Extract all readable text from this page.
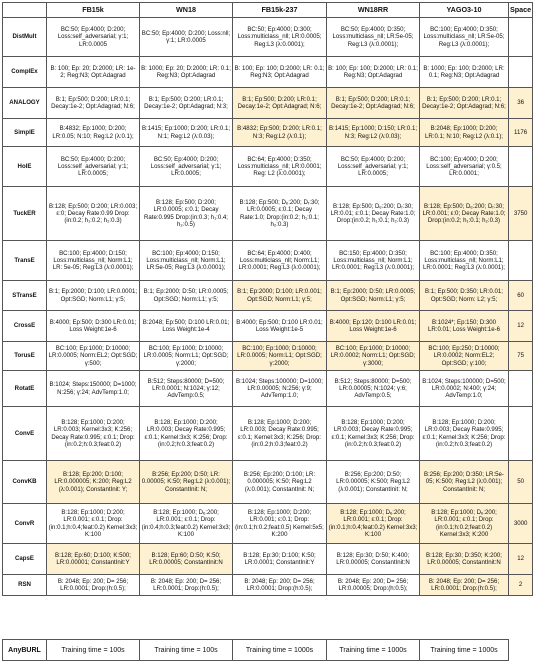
	FB15k	WN18	FB15k-237	WN18RR	YAGO3-10	Space
DistMult	BC:50; Ep:4000; D:200; Loss:self_adversarial; γ:1; LR:0.0005	BC:50; Ep:4000; D:200; Loss:nll; γ:1; LR:0.0005	BC:50; Ep:4000; D:300; Loss:multiclass_nll; LR:0.0005; Reg:L3 (λ:0.0001);	BC:50; Ep:4000; D:350; Loss:multiclass_nll; LR:5e-05; Reg:L3 (λ:0.0001);	BC:100; Ep:4000; D:350; Loss:multiclass_nll; LR:5e-05; Reg:L3 (λ:0.0001);	
ComplEx	B: 100; Ep: 20; D:2000; LR: 1e-2; Reg:N3; Opt:Adagrad	B: 1000; Ep: 20; D:2000; LR: 0.1; Reg:N3; Opt:Adagrad	B: 100; Ep: 100; D:2000; LR: 0.1; Reg:N3; Opt:Adagrad	B: 100; Ep: 100; D:2000; LR: 0.1; Reg:N3; Opt:Adagrad	B: 1000; Ep: 100; D:2000; LR: 0.1; Reg:N3; Opt:Adagrad	
ANALOGY	B:1; Ep:500; D:200; LR:0.1; Decay:1e-2; Opt:Adagrad; N:6;	B:1; Ep:500; D:200; LR:0.1; Decay:1e-2; Opt:Adagrad; N:3;	B:1; Ep:500; D:200; LR:0.1; Decay:1e-2; Opt:Adagrad; N:6;	B:1; Ep:500; D:200; LR:0.1; Decay:1e-2; Opt:Adagrad; N:6;	B:1; Ep:500; D:200; LR:0.1; Decay:1e-2; Opt:Adagrad; N:6;	36
SimplE	B:4832; Ep:1000; D:200; LR:0.05; N:10; Reg:L2 (λ:0.1);	B:1415; Ep:1000; D:200; LR:0.1; N:1; Reg:L2 (λ:0.03);	B:4832; Ep:500; D:200; LR:0.1; N:3; Reg:L2 (λ:0.1);	B:1415; Ep:1000; D:150; LR:0.1; N:3; Reg:L2 (λ:0.03);	B:2048; Ep:1000; D:200; LR:0.1; N:10; Reg:L2 (λ:0.1);	1176
HolE	BC:50; Ep:4000; D:200; Loss:self_adversarial; γ:1; LR:0.0005;	BC:50; Ep:4000; D:200; Loss:self_adversarial; γ:1; LR:0.0005;	BC:64; Ep:4000; D:350; Loss:multiclass_nll; LR:0.0001; Reg: L2 (λ:0.0001);	BC:50; Ep:4000; D:200; Loss:self_adversarial; γ:1; LR:0.0005;	BC:100; Ep:4000; D:200; Loss:self_adversarial; γ:0.5; LR:0.0001;	
TuckER	B:128; Ep:500; D:200; LR:0.003; ε:0; Decay Rate:0.99 Drop:(in:0.2; h₁:0.2; h₂:0.3)	B:128; Ep:500; D:200; LR:0.0005; ε:0.1; Decay Rate:0.995 Drop:(in:0.3; h₁:0.4; h₂:0.5)	B:128; Ep:500; Dₑ:200; Dᵣ:30; LR:0.0005; ε:0.1; Decay Rate:1.0; Drop:(in:0.2; h₁:0.1; h₂:0.3)	B:128; Ep:500; Dₑ:200; Dᵣ:30; LR:0.01; ε:0.1; Decay Rate:1.0; Drop:(in:0.2; h₁:0.1; h₂:0.3)	B:128; Ep:500; Dₑ:200; Dᵣ:30; LR:0.001; ε:0; Decay Rate:1.0; Drop:(in:0.2; h₁:0.1; h₂:0.3)	3750
TransE	BC:100; Ep:4000; D:150; Loss:multiclass_nll; Norm:L1; LR: 5e-05; Reg:L3 (λ:0.0001);	BC:100; Ep:4000; D:150; Loss:multiclass_nll; Norm:L1; LR:5e-05; Reg:L3 (λ:0.0001);	BC:64; Ep:4000; D:400; Loss:multiclass_nll; Norm:L1; LR:0.0001; Reg:L3 (λ:0.0001);	BC:150; Ep:4000; D:350; Loss:multiclass_nll; Norm:L1; LR:0.0001; Reg:L3 (λ:0.0001);	BC:100; Ep:4000; D:350; Loss:multiclass_nll; Norm:L1; LR:0.0001; Reg:L3 (λ:0.0001);	
STransE	B:1; Ep:2000; D:100; LR:0.0001; Opt:SGD; Norm:L1; γ:5;	B:1; Ep:2000; D:50; LR:0.0005; Opt:SGD; Norm:L1; γ:5;	B:1; Ep:2000; D:100; LR:0.001; Opt:SGD; Norm:L1; γ:5;	B:1; Ep:2000; D:50; LR:0.0005; Opt:SGD; Norm:L1; γ:5;	B:1; Ep:500; D:350; LR:0.01; Opt:SGD; Norm: L2; γ:5;	60
CrossE	B:4000; Ep:500; D:300 LR:0.01; Loss Weight:1e-6	B:2048; Ep:500; D:100 LR:0.01; Loss Weight:1e-4	B:4000; Ep:500; D:100 LR:0.01; Loss Weight:1e-5	B:4000; Ep:120; D:100 LR:0.01; Loss Weight:1e-6	B:1024*; Ep:150; D:300 LR:0.01; Loss Weight:1e-6	12
TorusE	BC:100; Ep:1000; D:10000; LR:0.0005; Norm:EL2; Opt:SGD; γ:500;	BC:100; Ep:1000; D:10000; LR:0.0005; Norm:L1; Opt:SGD; γ:2000;	BC:100; Ep:1000; D:10000; LR:0.0005; Norm:L1; Opt:SGD; γ:2000;	BC:100; Ep:1000; D:10000; LR:0.0002; Norm:L1; Opt:SGD; γ:3000;	BC:100; Ep:250; D:10000; LR:0.0002; Norm:EL2; Opt:SGD; γ:100;	75
RotatE	B:1024; Steps:150000; D=1000; N:256; γ:24; AdvTemp:1.0;	B:512; Steps:80000; D=500; LR:0.0001; N:1024; γ:12; AdvTemp:0.5;	B:1024; Steps:100000; D=1000; LR:0.00005; N:256; γ:9; AdvTemp:1.0;	B:512; Steps:80000; D=500; LR:0.00005; N:1024; γ:6; AdvTemp:0.5;	B:1024; Steps:100000; D=500; LR:0.0002; N:400; γ:24; AdvTemp:1.0;	
ConvE	B:128; Ep:1000; D:200; LR:0.003; Kernel:3x3; K:256; Decay Rate:0.995; ε:0.1; Drop:(in:0.2;h:0.3;feat:0.2)	B:128; Ep:1000; D:200; LR:0.003; Decay Rate:0.995; ε:0.1; Kernel:3x3; K:256; Drop:(in:0.2;h:0.3;feat:0.2)	B:128; Ep:1000; D:200; LR:0.003; Decay Rate:0.995; ε:0.1; Kernel:3x3; K:256; Drop:(in:0.2;h:0.3;feat:0.2)	B:128; Ep:1000; D:200; LR:0.003; Decay Rate:0.995; ε:0.1; Kernel:3x3; K:256; Drop:(in:0.2;h:0.3;feat:0.2)	B:128; Ep:1000; D:200; LR:0.003; Decay Rate:0.995; ε:0.1; Kernel:3x3; K:256; Drop:(in:0.2;h:0.3;feat:0.2)	
ConvKB	B:128; Ep:200; D:100; LR:0.000005; K:200; Reg:L2 (λ:0.001); ConstantInit: Y;	B:256; Ep:200; D:50; LR: 0.00005; K:50; Reg:L2 (λ:0.001); ConstantInit: N;	B:256; Ep:200; D:100; LR: 0.000005; K:50; Reg:L2 (λ:0.001); ConstantInit: N;	B:256; Ep:200; D:50; LR:0.00005; K:500; Reg:L2 (λ:0.001); ConstantInit: N;	B:256; Ep:200; D:350; LR:5e-05; K:500; Reg:L2 (λ:0.001); ConstantInit: N;	50
ConvR	B:128; Ep:1000; D:200; LR:0.001; ε:0.1; Drop:(in:0.1;h:0.4;feat:0.2) Kernel:3x3; K:100	B:128; Ep:1000; Dₑ:200; LR:0.001; ε:0.1; Drop:(in:0.4;h:0.3;feat:0.2) Kernel:3x3; K:100	B:128; Ep:1000; D:200; LR:0.001; ε:0.1; Drop:(in:0.1;h:0.2;feat:0.5) Kernel:5x5; K:200	B:128; Ep:1000; Dₑ:200; LR:0.001; ε:0.1; Drop:(in:0.1;h:0.4;feat:0.2) Kernel:3x3; K:100	B:128; Ep:1000; Dₑ:200; LR:0.001; ε:0.1; Drop:(in:0.1;h:0.2;feat:0.2) Kernel:3x3; K:200	3000
CapsE	B:128; Ep:60; D:100; K:500; LR:0.00001; ConstantInit:Y	B:128; Ep:60; D:50; K:50; LR:0.00005; ConstantInit:N	B:128; Ep:30; D:100; K:50; LR:0.0001; ConstantInit:Y	B:128; Ep:30; D:50; K:400; LR:0.00005; ConstantInit:N	B:128; Ep:30; D:350; K:200; LR:0.00005; ConstantInit:N	12
RSN	B: 2048; Ep: 200; D= 256; LR:0.0001; Drop:(h:0.5);	B: 2048; Ep: 200; D= 256; LR:0.0001; Drop:(h:0.5);	B: 2048; Ep: 200; D= 256; LR:0.0001; Drop:(h:0.5);	B: 2048; Ep: 200; D= 256; LR:0.00005; Drop:(h:0.5);	B: 2048; Ep: 200; D= 256; LR:0.0001; Drop:(h:0.5);	2
AnyBURL	Training time = 100s	Training time = 100s	Training time = 1000s	Training time = 1000s	Training time = 1000s
